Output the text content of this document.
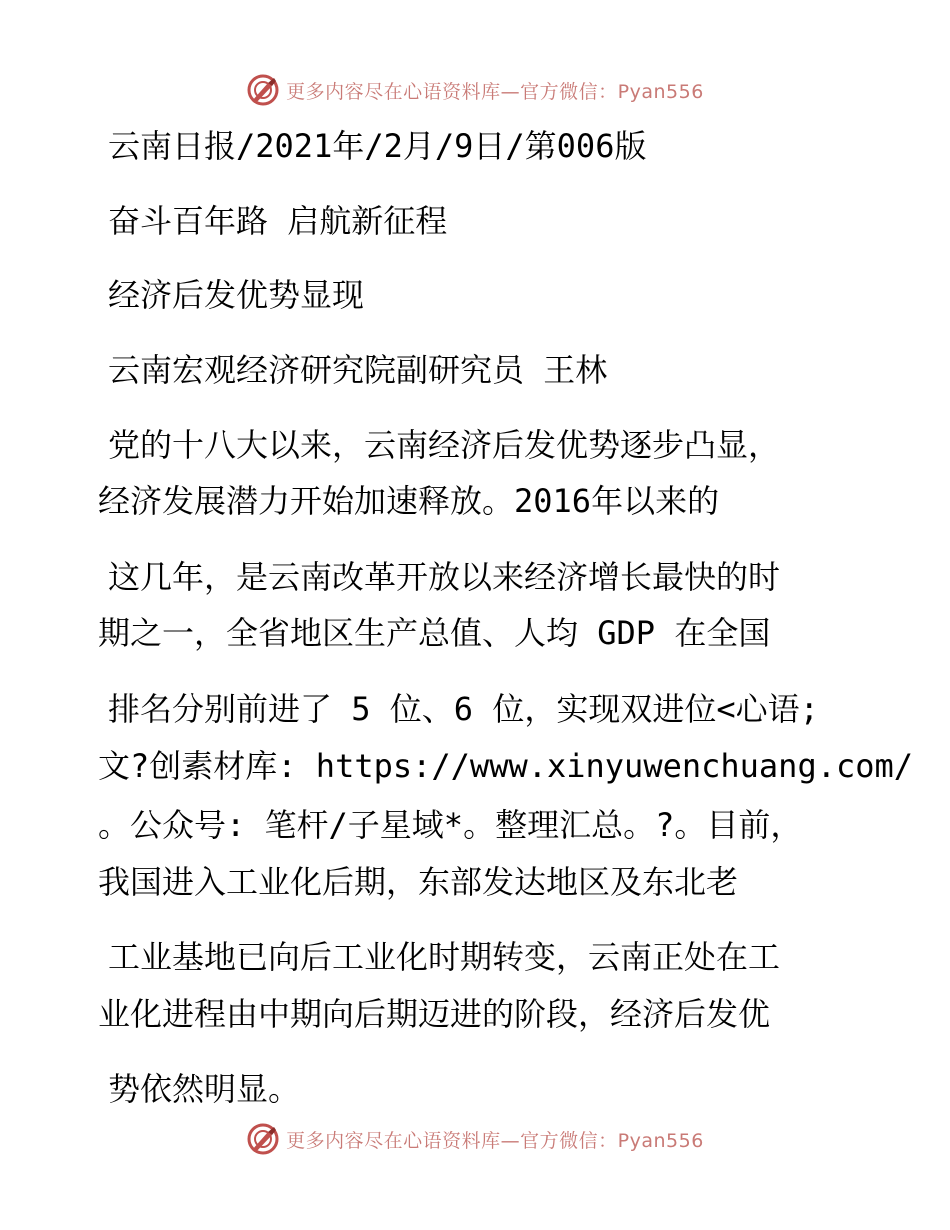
更多内容尽在心语资料库—官方微信：Pyan556
云南日报/2021年/2月/9日/第006版
奋斗百年路 启航新征程
经济后发优势显现
云南宏观经济研究院副研究员 王林
党的十八大以来，云南经济后发优势逐步凸显，
经济发展潜力开始加速释放。2016年以来的
这几年，是云南改革开放以来经济增长最快的时
期之一，全省地区生产总值、人均 GDP 在全国
排名分别前进了 5 位、6 位，实现双进位<心语;
文?创素材库: https://www.xinyuwenchuang.com/
。公众号: 笔杆/子星域*。整理汇总。?。目前，
我国进入工业化后期，东部发达地区及东北老
工业基地已向后工业化时期转变，云南正处在工
业化进程由中期向后期迈进的阶段，经济后发优
势依然明显。
更多内容尽在心语资料库—官方微信：Pyan556
